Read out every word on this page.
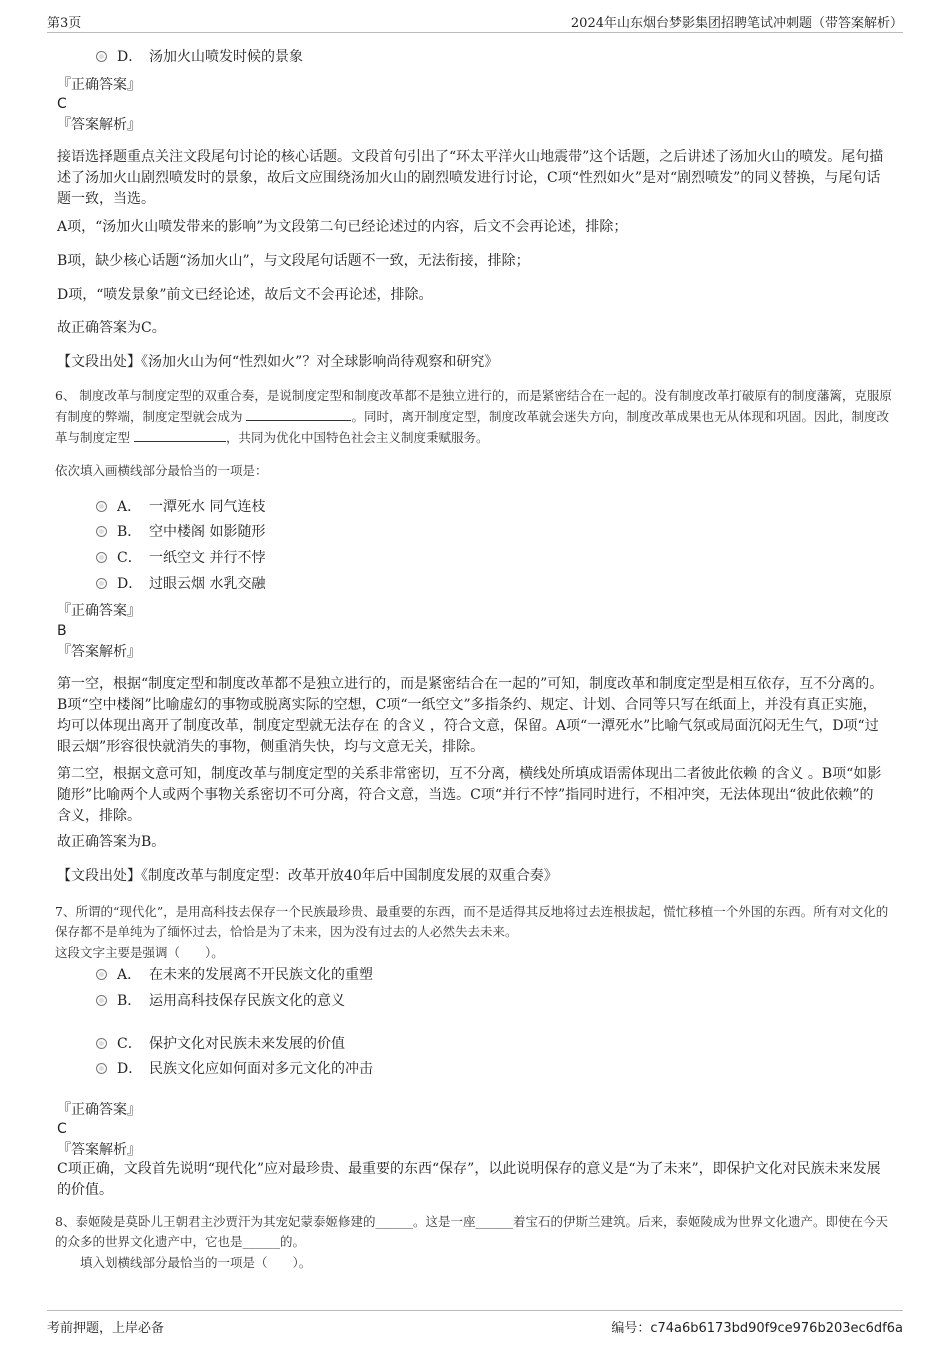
第3页	2024年山东烟台梦影集团招聘笔试冲刺题（带答案解析）
D． 汤加火山喷发时候的景象
『正确答案』
C
『答案解析』
接语选择题重点关注文段尾句讨论的核心话题。文段首句引出了“环太平洋火山地震带”这个话题，之后讲述了汤加火山的喷发。尾句描述了汤加火山剧烈喷发时的景象，故后文应围绕汤加火山的剧烈喷发进行讨论，C项“性烈如火”是对“剧烈喷发”的同义替换，与尾句话题一致，当选。
A项，“汤加火山喷发带来的影响”为文段第二句已经论述过的内容，后文不会再论述，排除；
B项，缺少核心话题“汤加火山”，与文段尾句话题不一致，无法衔接，排除；
D项，“喷发景象”前文已经论述，故后文不会再论述，排除。
故正确答案为C。
【文段出处】《汤加火山为何“性烈如火”？对全球影响尚待观察和研究》
6、 制度改革与制度定型的双重合奏，是说制度定型和制度改革都不是独立进行的，而是紧密结合在一起的。没有制度改革打破原有的制度藩篱，克服原有制度的弊端，制度定型就会成为	。同时，离开制度定型，制度改革就会迷失方向，制度改革成果也无从体现和巩固。因此，制度改革与制度定型	，共同为优化中国特色社会主义制度秉赋服务。
依次填入画横线部分最恰当的一项是：
A． 一潭死水 同气连枝
B． 空中楼阁 如影随形
C． 一纸空文 并行不悖
D． 过眼云烟 水乳交融
『正确答案』
B
『答案解析』
第一空，根据“制度定型和制度改革都不是独立进行的，而是紧密结合在一起的”可知，制度改革和制度定型是相互依存，互不分离的。B项“空中楼阁”比喻虚幻的事物或脱离实际的空想，C项“一纸空文”多指条约、规定、计划、合同等只写在纸面上，并没有真正实施，均可以体现出离开了制度改革，制度定型就无法存在 的含义 ，符合文意，保留。A项“一潭死水”比喻气氛或局面沉闷无生气，D项“过眼云烟”形容很快就消失的事物，侧重消失快，均与文意无关，排除。
第二空，根据文意可知，制度改革与制度定型的关系非常密切，互不分离，横线处所填成语需体现出二者彼此依赖 的含义 。B项“如影随形”比喻两个人或两个事物关系密切不可分离，符合文意，当选。C项“并行不悖”指同时进行，不相冲突，无法体现出“彼此依赖”的含义，排除。
故正确答案为B。
【文段出处】《制度改革与制度定型：改革开放40年后中国制度发展的双重合奏》
7、所谓的“现代化”，是用高科技去保存一个民族最珍贵、最重要的东西，而不是适得其反地将过去连根拔起，慌忙移植一个外国的东西。所有对文化的保存都不是单纯为了缅怀过去，恰恰是为了未来，因为没有过去的人必然失去未来。
这段文字主要是强调（　　）。
A． 在未来的发展离不开民族文化的重塑
B． 运用高科技保存民族文化的意义
C． 保护文化对民族未来发展的价值
D． 民族文化应如何面对多元文化的冲击
『正确答案』
C
『答案解析』
C项正确，文段首先说明“现代化”应对最珍贵、最重要的东西“保存”，以此说明保存的意义是“为了未来”，即保护文化对民族未来发展的价值。
8、泰姬陵是莫卧儿王朝君主沙贾汗为其宠妃蒙泰姬修建的______。这是一座______着宝石的伊斯兰建筑。后来，泰姬陵成为世界文化遗产。即使在今天的众多的世界文化遗产中，它也是______的。
填入划横线部分最恰当的一项是（　　）。
考前押题，上岸必备	编号：c74a6b6173bd90f9ce976b203ec6df6a
